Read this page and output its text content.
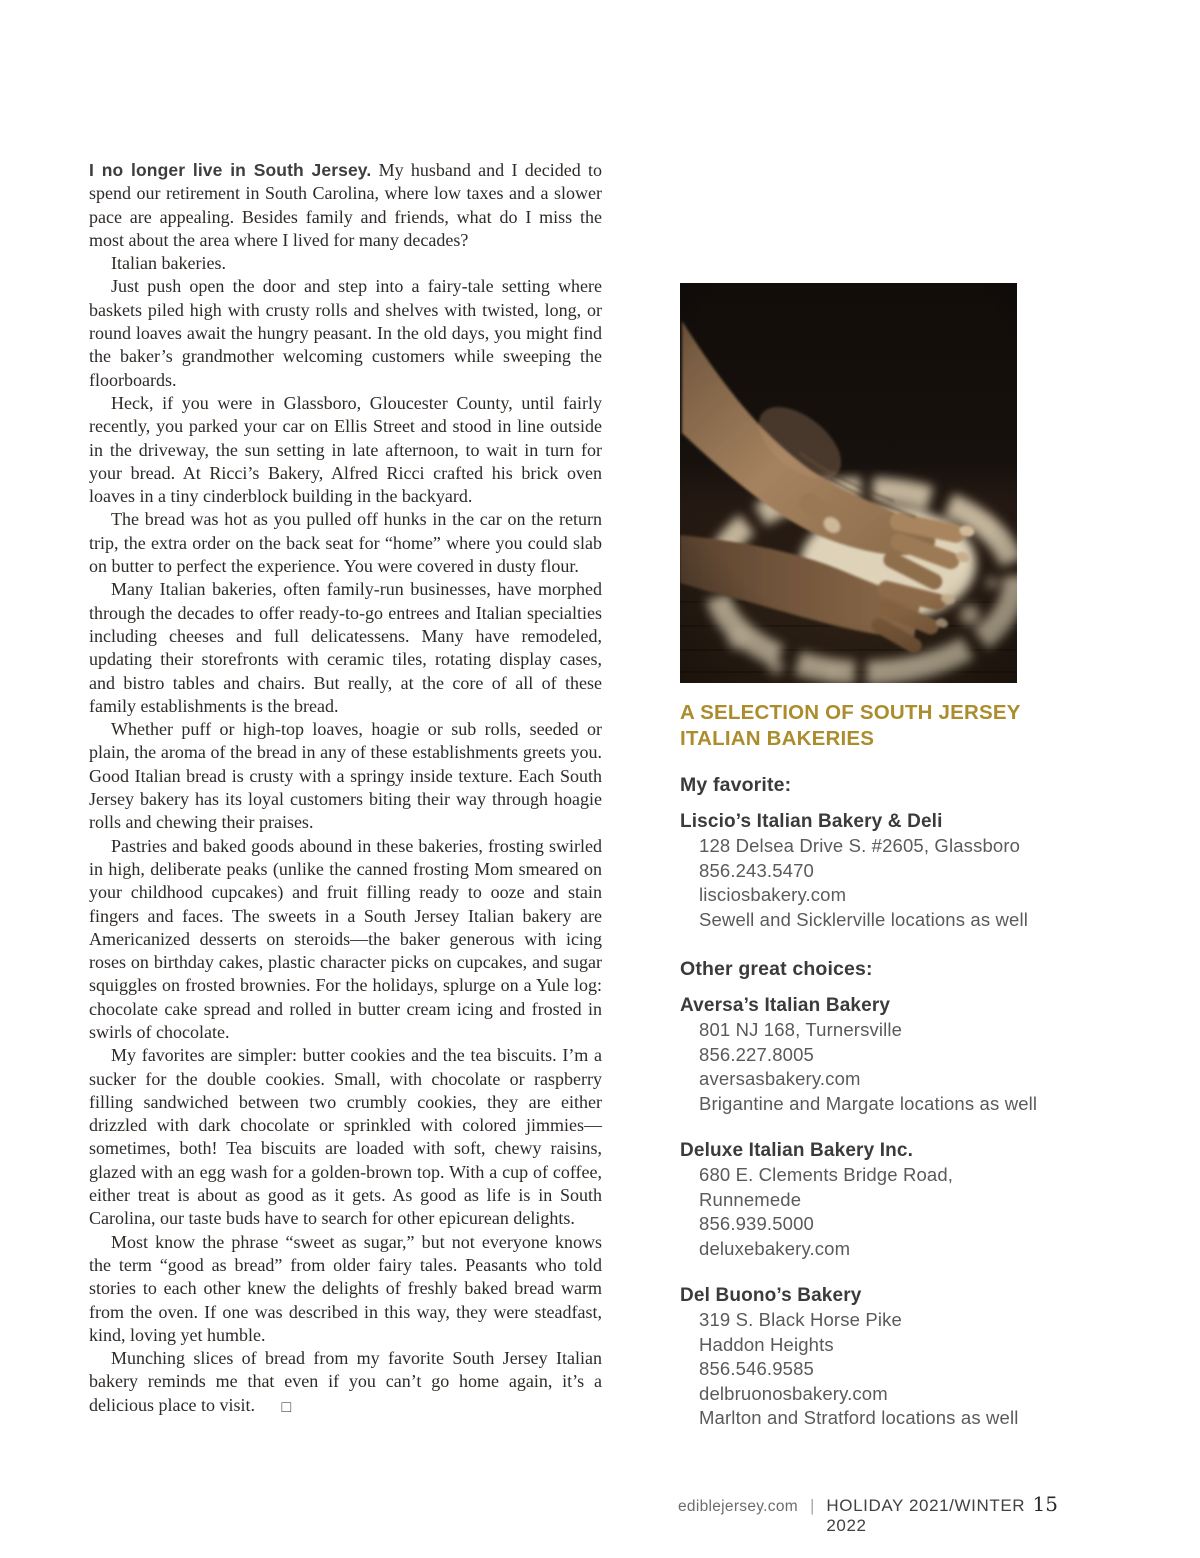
I no longer live in South Jersey. My husband and I decided to spend our retirement in South Carolina, where low taxes and a slower pace are appealing. Besides family and friends, what do I miss the most about the area where I lived for many decades?

Italian bakeries.

Just push open the door and step into a fairy-tale setting where baskets piled high with crusty rolls and shelves with twisted, long, or round loaves await the hungry peasant. In the old days, you might find the baker’s grandmother welcoming customers while sweeping the floorboards.

Heck, if you were in Glassboro, Gloucester County, until fairly recently, you parked your car on Ellis Street and stood in line outside in the driveway, the sun setting in late afternoon, to wait in turn for your bread. At Ricci’s Bakery, Alfred Ricci crafted his brick oven loaves in a tiny cinderblock building in the backyard.

The bread was hot as you pulled off hunks in the car on the return trip, the extra order on the back seat for “home” where you could slab on butter to perfect the experience. You were covered in dusty flour.

Many Italian bakeries, often family-run businesses, have morphed through the decades to offer ready-to-go entrees and Italian specialties including cheeses and full delicatessens. Many have remodeled, updating their storefronts with ceramic tiles, rotating display cases, and bistro tables and chairs. But really, at the core of all of these family establishments is the bread.

Whether puff or high-top loaves, hoagie or sub rolls, seeded or plain, the aroma of the bread in any of these establishments greets you. Good Italian bread is crusty with a springy inside texture. Each South Jersey bakery has its loyal customers biting their way through hoagie rolls and chewing their praises.

Pastries and baked goods abound in these bakeries, frosting swirled in high, deliberate peaks (unlike the canned frosting Mom smeared on your childhood cupcakes) and fruit filling ready to ooze and stain fingers and faces. The sweets in a South Jersey Italian bakery are Americanized desserts on steroids—the baker generous with icing roses on birthday cakes, plastic character picks on cupcakes, and sugar squiggles on frosted brownies. For the holidays, splurge on a Yule log: chocolate cake spread and rolled in butter cream icing and frosted in swirls of chocolate.

My favorites are simpler: butter cookies and the tea biscuits. I’m a sucker for the double cookies. Small, with chocolate or raspberry filling sandwiched between two crumbly cookies, they are either drizzled with dark chocolate or sprinkled with colored jimmies—sometimes, both! Tea biscuits are loaded with soft, chewy raisins, glazed with an egg wash for a golden-brown top. With a cup of coffee, either treat is about as good as it gets. As good as life is in South Carolina, our taste buds have to search for other epicurean delights.

Most know the phrase “sweet as sugar,” but not everyone knows the term “good as bread” from older fairy tales. Peasants who told stories to each other knew the delights of freshly baked bread warm from the oven. If one was described in this way, they were steadfast, kind, loving yet humble.

Munching slices of bread from my favorite South Jersey Italian bakery reminds me that even if you can’t go home again, it’s a delicious place to visit. □

A SELECTION OF SOUTH JERSEY
ITALIAN BAKERIES

My favorite:

Liscio’s Italian Bakery & Deli

128 Delsea Drive S. #2605, Glassboro

856.243.5470

lisciosbakery.com

Sewell and Sicklerville locations as well

Other great choices:

Aversa’s Italian Bakery

801 NJ 168, Turnersville

856.227.8005

aversasbakery.com

Brigantine and Margate locations as well

Deluxe Italian Bakery Inc.

680 E. Clements Bridge Road, Runnemede

856.939.5000

deluxebakery.com

Del Buono’s Bakery

319 S. Black Horse Pike

Haddon Heights

856.546.9585

delbruonosbakery.com

Marlton and Stratford locations as well

ediblejersey.com | HOLIDAY 2021/WINTER 2022
15
